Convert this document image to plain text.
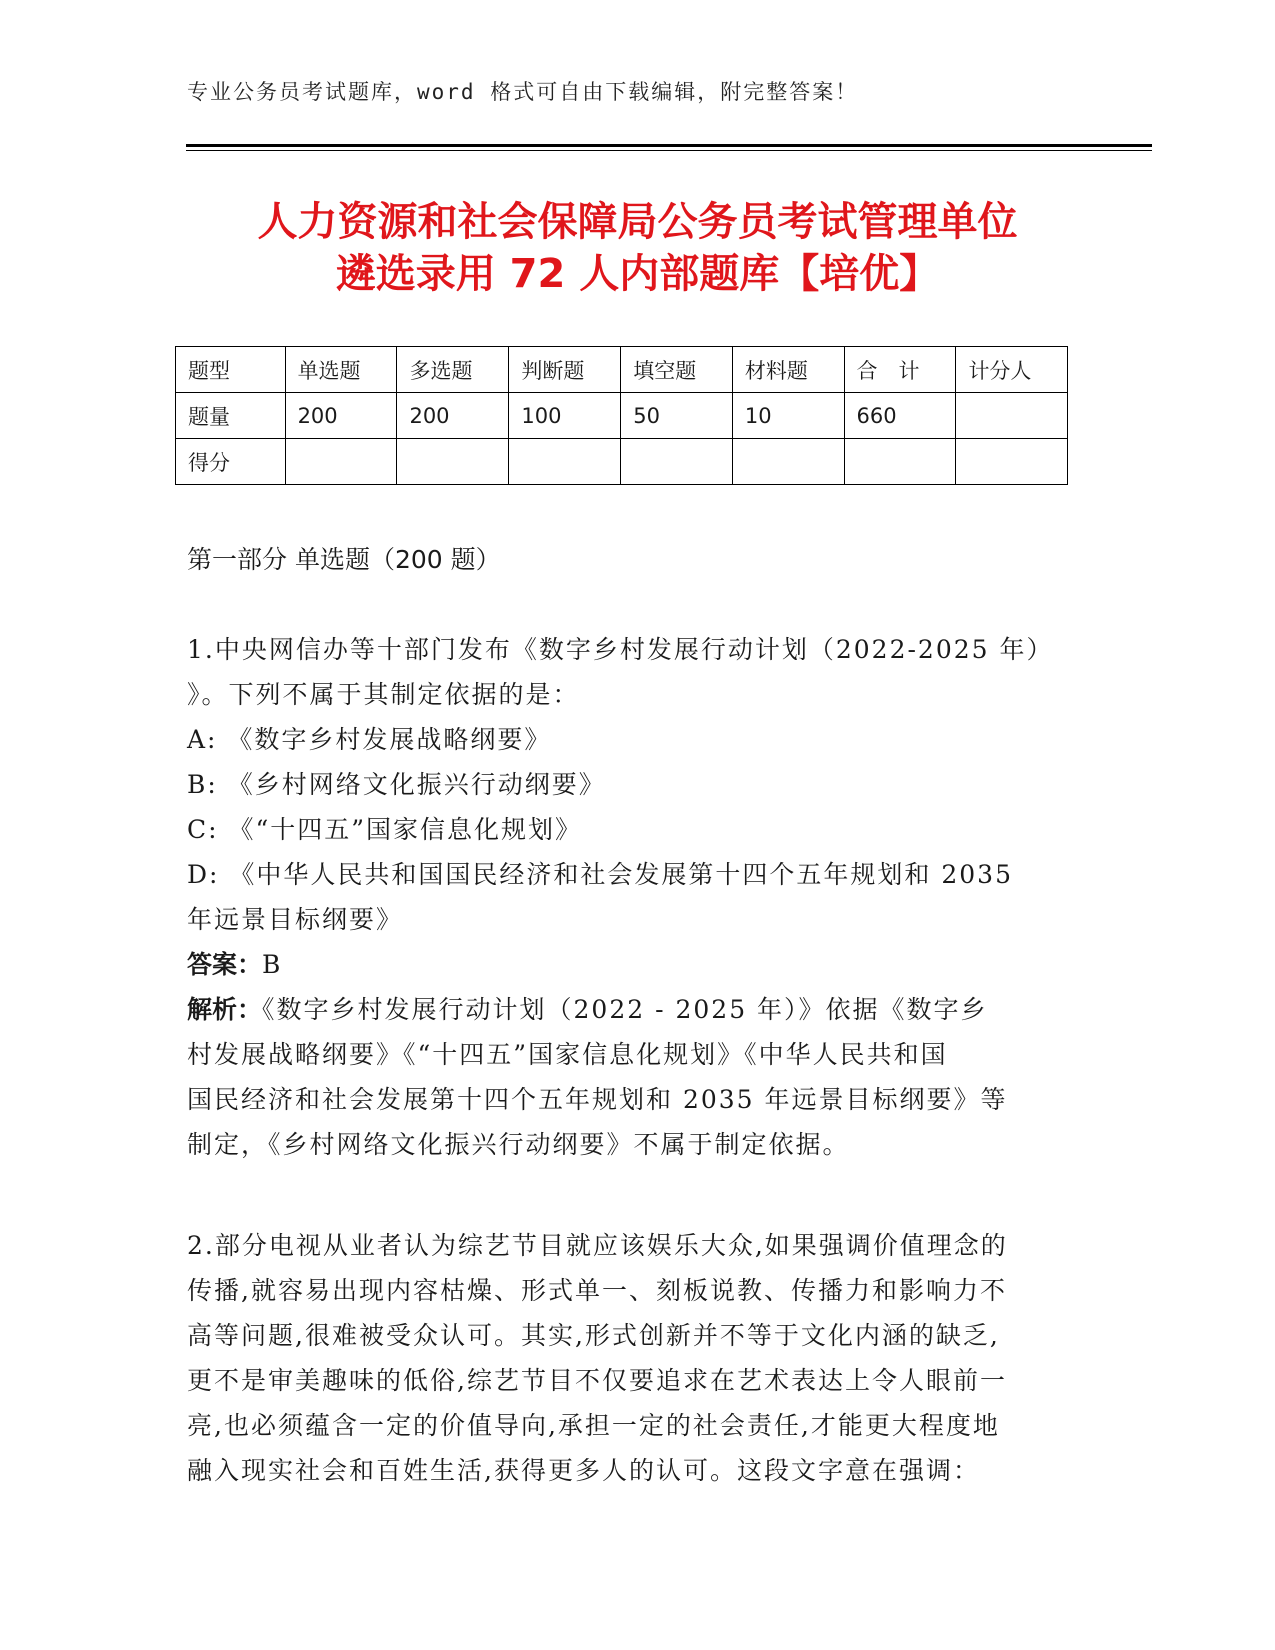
专业公务员考试题库，word 格式可自由下载编辑，附完整答案！
人力资源和社会保障局公务员考试管理单位
遴选录用 72 人内部题库【培优】
题型	单选题	多选题	判断题	填空题	材料题	合　计	计分人
题量	200	200	100	50	10	660	
得分							
第一部分 单选题（200 题）

1.中央网信办等十部门发布《数字乡村发展行动计划（2022-2025 年）

》。下列不属于其制定依据的是：

A: 《数字乡村发展战略纲要》

B: 《乡村网络文化振兴行动纲要》

C: 《“十四五”国家信息化规划》

D: 《中华人民共和国国民经济和社会发展第十四个五年规划和 2035

年远景目标纲要》

答案：B

解析：《数字乡村发展行动计划（2022 - 2025 年）》依据《数字乡

村发展战略纲要》《“十四五”国家信息化规划》《中华人民共和国

国民经济和社会发展第十四个五年规划和 2035 年远景目标纲要》等

制定，《乡村网络文化振兴行动纲要》不属于制定依据。

2.部分电视从业者认为综艺节目就应该娱乐大众,如果强调价值理念的

传播,就容易出现内容枯燥、形式单一、刻板说教、传播力和影响力不

高等问题,很难被受众认可。其实,形式创新并不等于文化内涵的缺乏,

更不是审美趣味的低俗,综艺节目不仅要追求在艺术表达上令人眼前一

亮,也必须蕴含一定的价值导向,承担一定的社会责任,才能更大程度地

融入现实社会和百姓生活,获得更多人的认可。这段文字意在强调：
